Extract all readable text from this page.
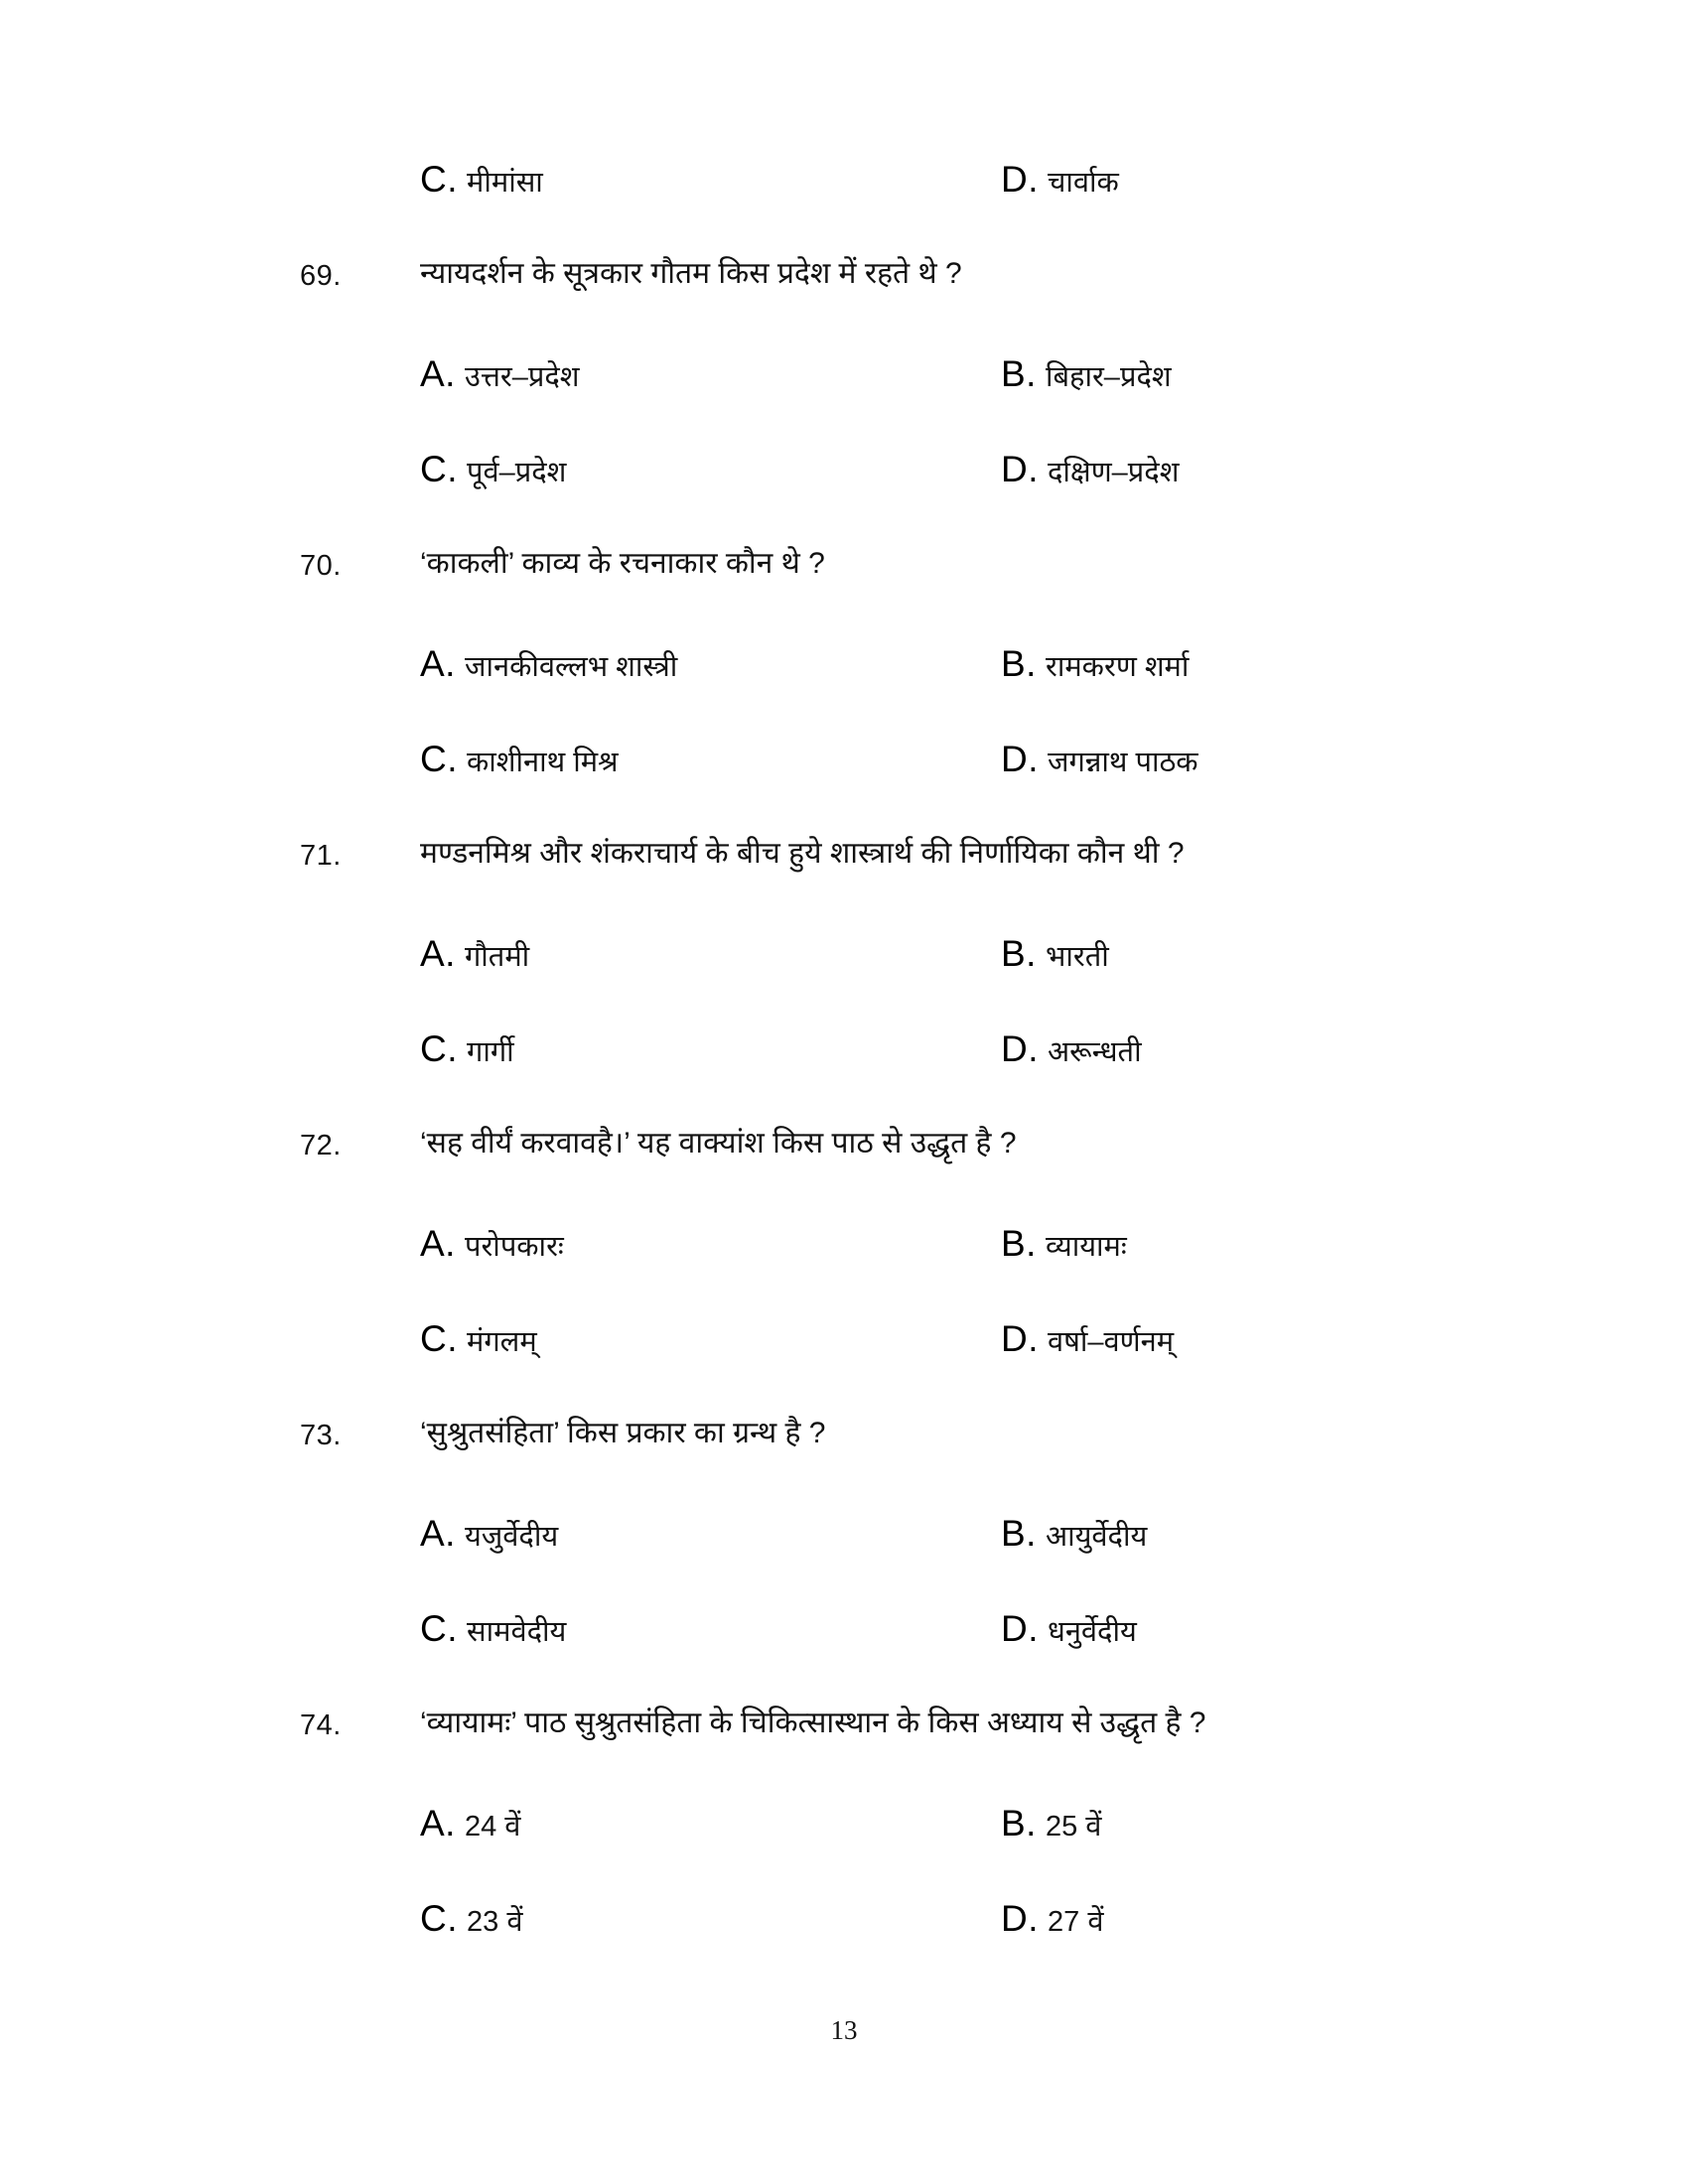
C. मीमांसा	D. चार्वाक
69.	न्यायदर्शन के सूत्रकार गौतम किस प्रदेश में रहते थे ?
A. उत्तर–प्रदेश	B. बिहार–प्रदेश
C. पूर्व–प्रदेश	D. दक्षिण–प्रदेश
70.	‘काकली’ काव्य के रचनाकार कौन थे ?
A. जानकीवल्लभ शास्त्री	B. रामकरण शर्मा
C. काशीनाथ मिश्र	D. जगन्नाथ पाठक
71.	मण्डनमिश्र और शंकराचार्य के बीच हुये शास्त्रार्थ की निर्णायिका कौन थी ?
A. गौतमी	B. भारती
C. गार्गी	D. अरून्धती
72.	‘सह वीर्यं करवावहै।’ यह वाक्यांश किस पाठ से उद्धृत है ?
A. परोपकारः	B. व्यायामः
C. मंगलम्	D. वर्षा–वर्णनम्
73.	‘सुश्रुतसंहिता’ किस प्रकार का ग्रन्थ है ?
A. यजुर्वेदीय	B. आयुर्वेदीय
C. सामवेदीय	D. धनुर्वेदीय
74.	‘व्यायामः’ पाठ सुश्रुतसंहिता के चिकित्सास्थान के किस अध्याय से उद्धृत है ?
A. 24 वें	B. 25 वें
C. 23 वें	D. 27 वें
13
